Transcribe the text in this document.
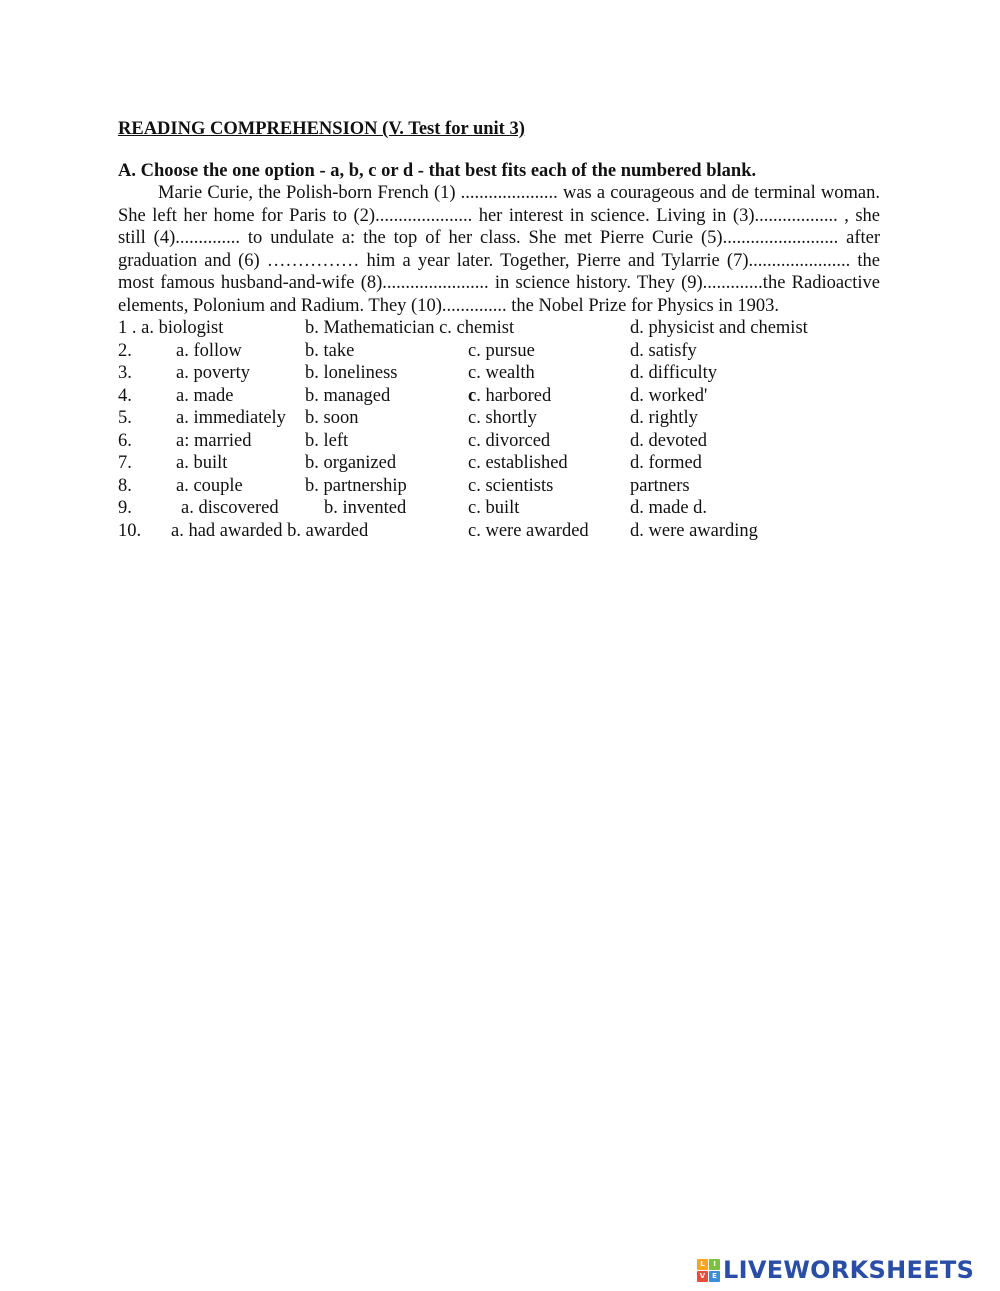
READING COMPREHENSION (V. Test for unit 3)

A. Choose the one option - a, b, c or d - that best fits each of the numbered blank.

Marie Curie, the Polish-born French (1) ..................... was a courageous and de terminal woman. She left her home for Paris to (2)..................... her interest in science. Living in (3).................. , she still (4).............. to undulate a: the top of her class. She met Pierre Curie (5)......................... after graduation and (6) …………… him a year later. Together, Pierre and Tylarrie (7)...................... the most famous husband-and-wife (8)....................... in science history. They (9).............the Radioactive elements, Polonium and Radium. They (10).............. the Nobel Prize for Physics in 1903.

1 . a. biologist	b. Mathematician c. chemist	d. physicist and chemist
2. a. follow	b. take	c. pursue	d. satisfy
3. a. poverty	b. loneliness	c. wealth	d. difficulty
4. a. made	b. managed	c. harbored	d. worked'
5. a. immediately b. soon	c. shortly	d. rightly
6. a: married	b. left	c. divorced	d. devoted
7. a. built	b. organized	c. established	d. formed
8. a. couple	b. partnership	c. scientists	partners
9.	a. discovered b. invented	c. built	d. made d.
10. a. had awarded b. awarded	c. were awarded d. were awarding
L	I
V E LIVEWORKSHEETS
